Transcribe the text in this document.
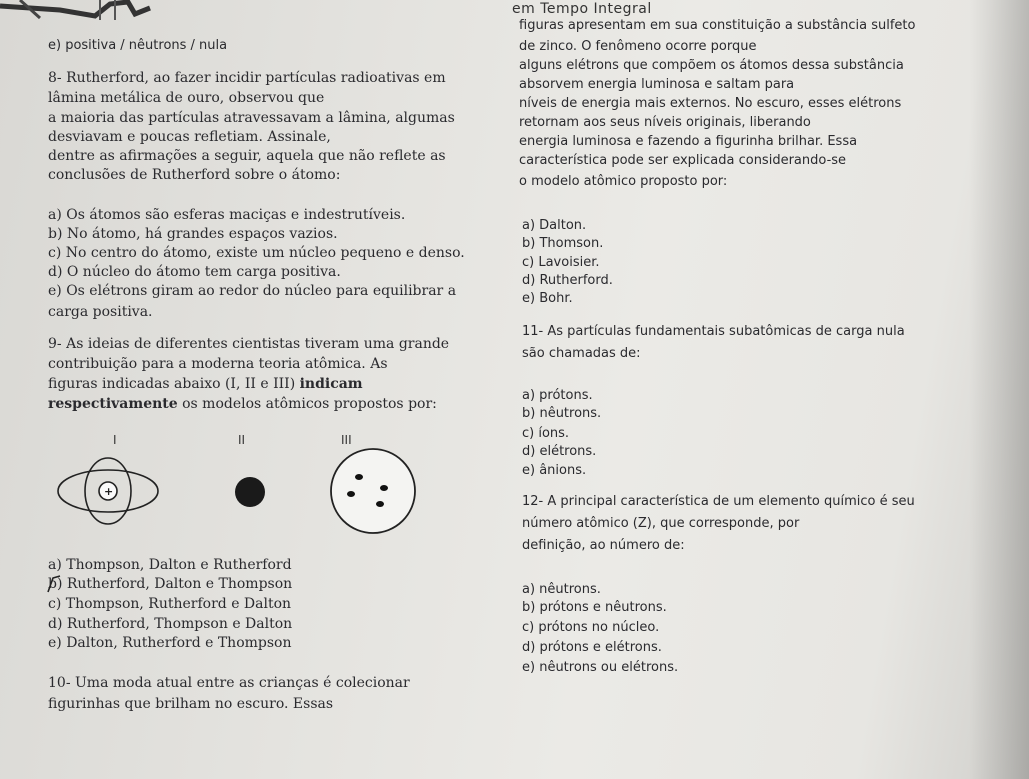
em Tempo Integral
e) positiva / nêutrons / nula
8- Rutherford, ao fazer incidir partículas radioativas em
lâmina metálica de ouro, observou que
a maioria das partículas atravessavam a lâmina, algumas
desviavam e poucas refletiam. Assinale,
dentre as afirmações a seguir, aquela que não reflete as
conclusões de Rutherford sobre o átomo:
a) Os átomos são esferas maciças e indestrutíveis.
b) No átomo, há grandes espaços vazios.
c) No centro do átomo, existe um núcleo pequeno e denso.
d) O núcleo do átomo tem carga positiva.
e) Os elétrons giram ao redor do núcleo para equilibrar a
carga positiva.
9- As ideias de diferentes cientistas tiveram uma grande
contribuição para a moderna teoria atômica. As
figuras indicadas abaixo (I, II e III) indicam
respectivamente os modelos atômicos propostos por:
I	II	III
+
a) Thompson, Dalton e Rutherford
b) Rutherford, Dalton e Thompson
c) Thompson, Rutherford e Dalton
d) Rutherford, Thompson e Dalton
e) Dalton, Rutherford e Thompson
10- Uma moda atual entre as crianças é colecionar
figurinhas que brilham no escuro. Essas
figuras apresentam em sua constituição a substância sulfeto
de zinco. O fenômeno ocorre porque
alguns elétrons que compõem os átomos dessa substância
absorvem energia luminosa e saltam para
níveis de energia mais externos. No escuro, esses elétrons
retornam aos seus níveis originais, liberando
energia luminosa e fazendo a figurinha brilhar. Essa
característica pode ser explicada considerando-se
o modelo atômico proposto por:
a) Dalton.
b) Thomson.
c) Lavoisier.
d) Rutherford.
e) Bohr.
11- As partículas fundamentais subatômicas de carga nula
são chamadas de:
a) prótons.
b) nêutrons.
c) íons.
d) elétrons.
e) ânions.
12- A principal característica de um elemento químico é seu
número atômico (Z), que corresponde, por
definição, ao número de:
a) nêutrons.
b) prótons e nêutrons.
c) prótons no núcleo.
d) prótons e elétrons.
e) nêutrons ou elétrons.
